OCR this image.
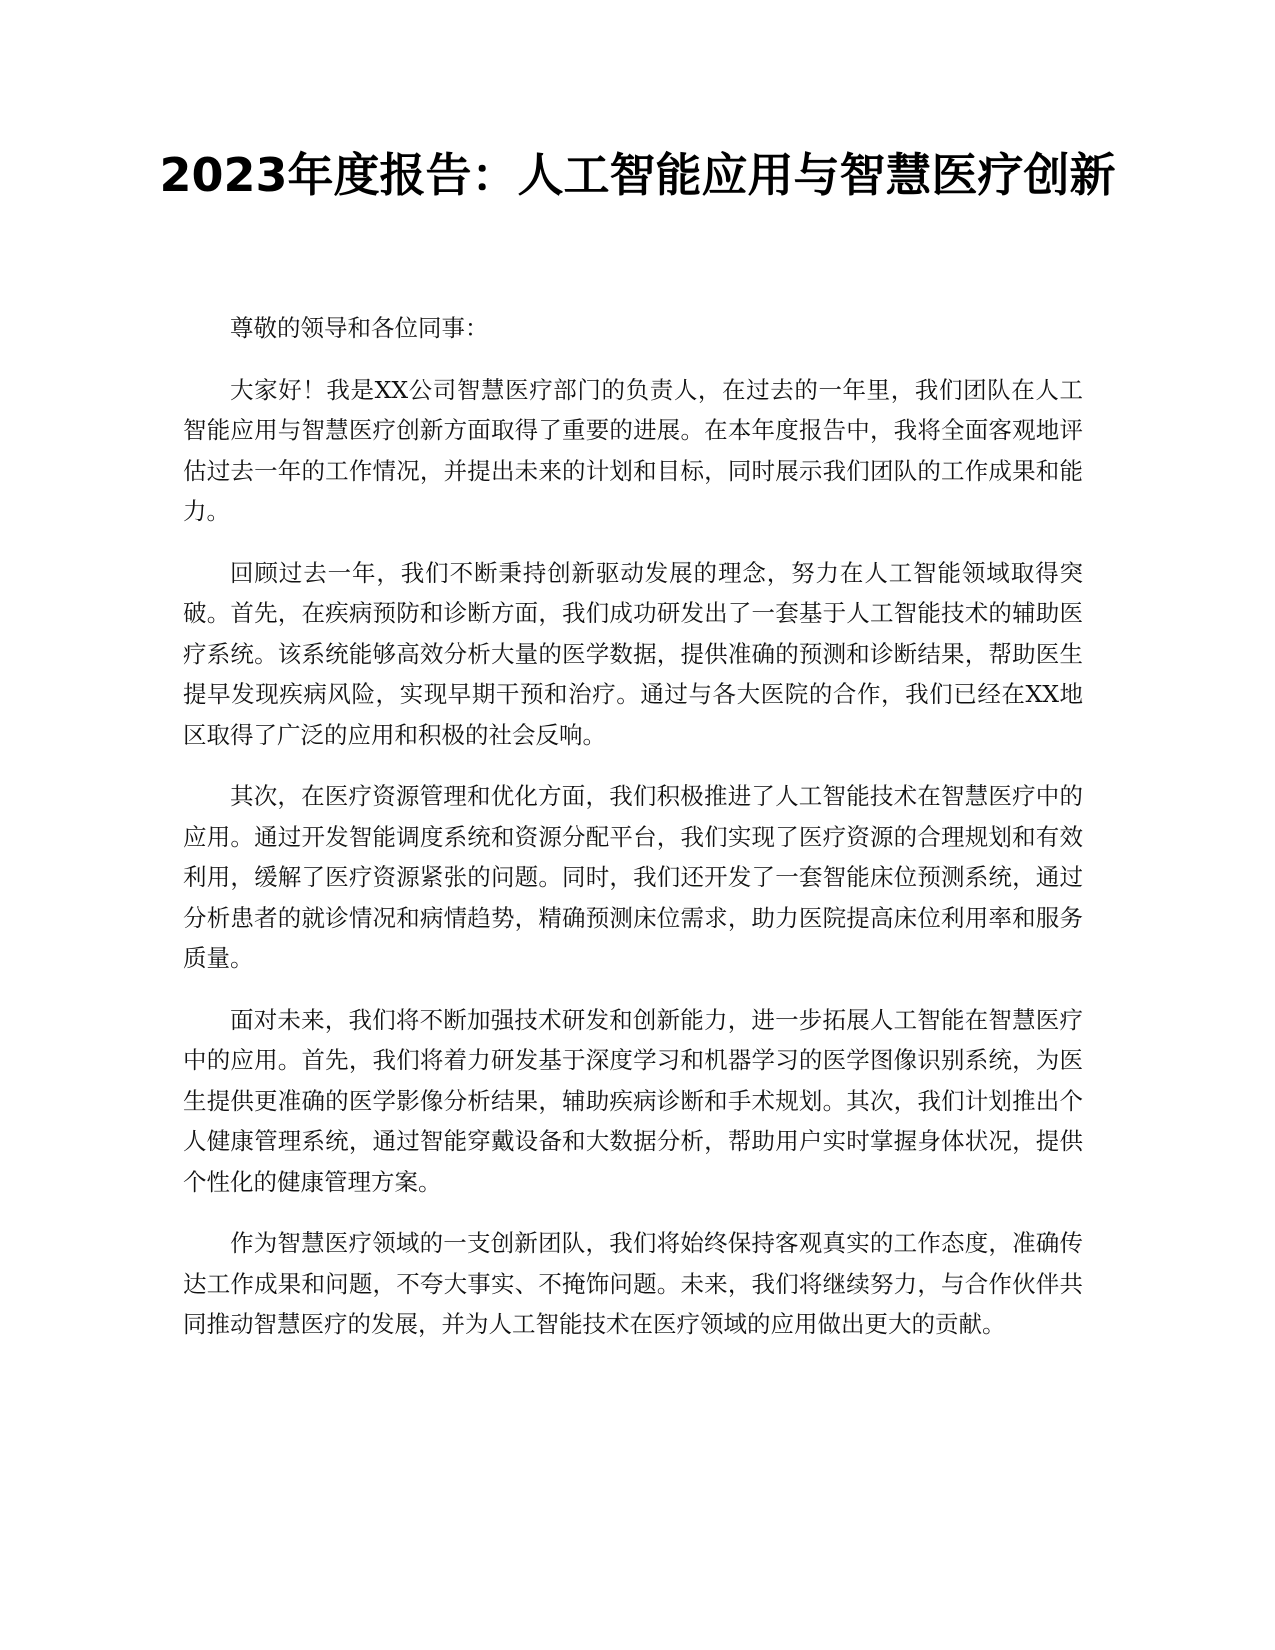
2023年度报告：人工智能应用与智慧医疗创新

尊敬的领导和各位同事：

大家好！我是XX公司智慧医疗部门的负责人，在过去的一年里，我们团队在人工智能应用与智慧医疗创新方面取得了重要的进展。在本年度报告中，我将全面客观地评估过去一年的工作情况，并提出未来的计划和目标，同时展示我们团队的工作成果和能力。

回顾过去一年，我们不断秉持创新驱动发展的理念，努力在人工智能领域取得突破。首先，在疾病预防和诊断方面，我们成功研发出了一套基于人工智能技术的辅助医疗系统。该系统能够高效分析大量的医学数据，提供准确的预测和诊断结果，帮助医生提早发现疾病风险，实现早期干预和治疗。通过与各大医院的合作，我们已经在XX地区取得了广泛的应用和积极的社会反响。

其次，在医疗资源管理和优化方面，我们积极推进了人工智能技术在智慧医疗中的应用。通过开发智能调度系统和资源分配平台，我们实现了医疗资源的合理规划和有效利用，缓解了医疗资源紧张的问题。同时，我们还开发了一套智能床位预测系统，通过分析患者的就诊情况和病情趋势，精确预测床位需求，助力医院提高床位利用率和服务质量。

面对未来，我们将不断加强技术研发和创新能力，进一步拓展人工智能在智慧医疗中的应用。首先，我们将着力研发基于深度学习和机器学习的医学图像识别系统，为医生提供更准确的医学影像分析结果，辅助疾病诊断和手术规划。其次，我们计划推出个人健康管理系统，通过智能穿戴设备和大数据分析，帮助用户实时掌握身体状况，提供个性化的健康管理方案。

作为智慧医疗领域的一支创新团队，我们将始终保持客观真实的工作态度，准确传达工作成果和问题，不夸大事实、不掩饰问题。未来，我们将继续努力，与合作伙伴共同推动智慧医疗的发展，并为人工智能技术在医疗领域的应用做出更大的贡献。
